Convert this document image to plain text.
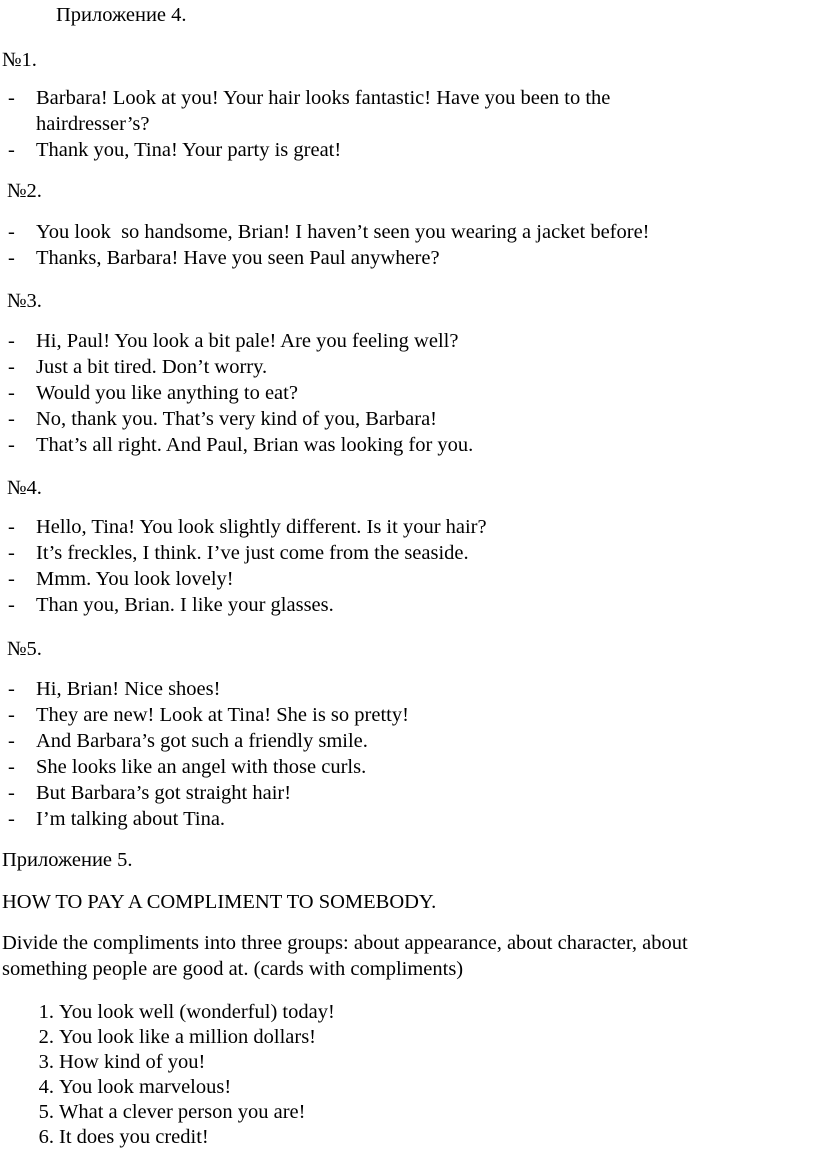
Приложение 4.
№1.
- Barbara! Look at you! Your hair looks fantastic! Have you been to the
hairdresser’s?
- Thank you, Tina! Your party is great!
№2.
- You look  so handsome, Brian! I haven’t seen you wearing a jacket before!
- Thanks, Barbara! Have you seen Paul anywhere?
№3.
- Hi, Paul! You look a bit pale! Are you feeling well?
- Just a bit tired. Don’t worry.
- Would you like anything to eat?
- No, thank you. That’s very kind of you, Barbara!
- That’s all right. And Paul, Brian was looking for you.
№4.
- Hello, Tina! You look slightly different. Is it your hair?
- It’s freckles, I think. I’ve just come from the seaside.
- Mmm. You look lovely!
- Than you, Brian. I like your glasses.
№5.
- Hi, Brian! Nice shoes!
- They are new! Look at Tina! She is so pretty!
- And Barbara’s got such a friendly smile.
- She looks like an angel with those curls.
- But Barbara’s got straight hair!
- I’m talking about Tina.
Приложение 5.
HOW TO PAY A COMPLIMENT TO SOMEBODY.
Divide the compliments into three groups: about appearance, about character, about
something people are good at. (cards with compliments)
1. You look well (wonderful) today!
2. You look like a million dollars!
3. How kind of you!
4. You look marvelous!
5. What a clever person you are!
6. It does you credit!
